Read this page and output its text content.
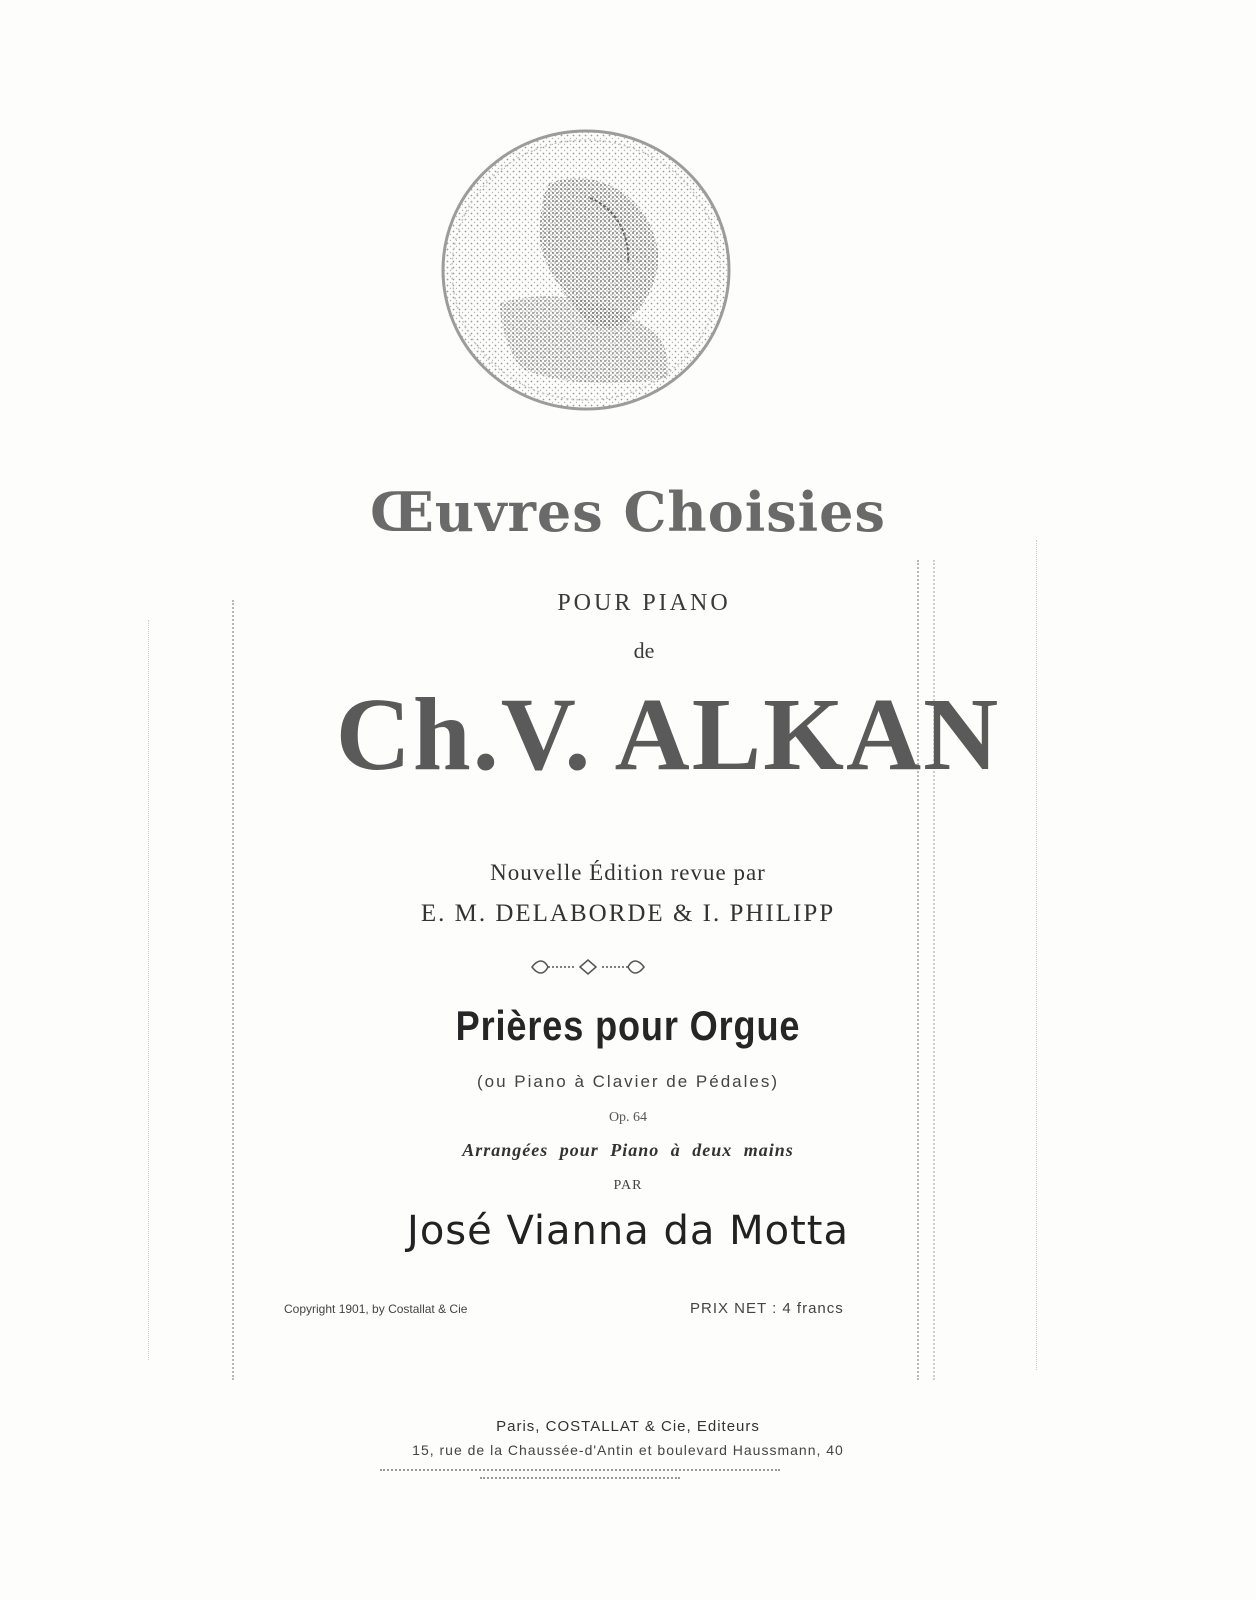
Œuvres Choisies
POUR PIANO
de
Ch.V. ALKAN
Nouvelle Édition revue par
E. M. DELABORDE & I. PHILIPP
Prières pour Orgue
(ou Piano à Clavier de Pédales)
Op. 64
Arrangées pour Piano à deux mains
PAR
José Vianna da Motta
Copyright 1901, by Costallat & Cie	PRIX NET : 4 francs
Paris, COSTALLAT & Cie, Editeurs
15, rue de la Chaussée-d'Antin et boulevard Haussmann, 40
